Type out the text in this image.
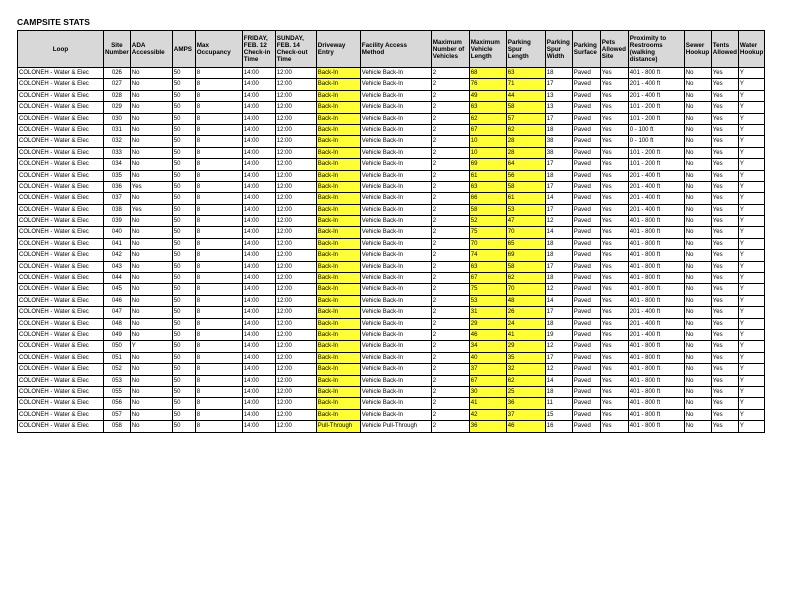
CAMPSITE STATS
Loop	Site Number	ADA Accessible	AMPS	Max Occupancy	FRIDAY, FEB. 12 Check-in Time	SUNDAY, FEB. 14 Check-out Time	Driveway Entry	Facility Access Method	Maximum Number of Vehicles	Maximum Vehicle Length	Parking Spur Length	Parking Spur Width	Parking Surface	Pets Allowed Site	Proximity to Restrooms (walking distance)	Sewer Hookup	Tents Allowed	Water Hookup
COLONEH - Water & Elec	026	No	50	8	14:00	12:00	Back-In	Vehicle Back-In	2	68	63	18	Paved	Yes	401 - 800 ft	No	Yes	Y
COLONEH - Water & Elec	027	No	50	8	14:00	12:00	Back-In	Vehicle Back-In	2	76	71	17	Paved	Yes	201 - 400 ft	No	Yes	Y
COLONEH - Water & Elec	028	No	50	8	14:00	12:00	Back-In	Vehicle Back-In	2	49	44	13	Paved	Yes	201 - 400 ft	No	Yes	Y
COLONEH - Water & Elec	029	No	50	8	14:00	12:00	Back-In	Vehicle Back-In	2	63	58	13	Paved	Yes	101 - 200 ft	No	Yes	Y
COLONEH - Water & Elec	030	No	50	8	14:00	12:00	Back-In	Vehicle Back-In	2	62	57	17	Paved	Yes	101 - 200 ft	No	Yes	Y
COLONEH - Water & Elec	031	No	50	8	14:00	12:00	Back-In	Vehicle Back-In	2	67	62	18	Paved	Yes	0 - 100 ft	No	Yes	Y
COLONEH - Water & Elec	032	No	50	8	14:00	12:00	Back-In	Vehicle Back-In	2	10	28	38	Paved	Yes	0 - 100 ft	No	Yes	Y
COLONEH - Water & Elec	033	No	50	8	14:00	12:00	Back-In	Vehicle Back-In	2	10	28	38	Paved	Yes	101 - 200 ft	No	Yes	Y
COLONEH - Water & Elec	034	No	50	8	14:00	12:00	Back-In	Vehicle Back-In	2	69	64	17	Paved	Yes	101 - 200 ft	No	Yes	Y
COLONEH - Water & Elec	035	No	50	8	14:00	12:00	Back-In	Vehicle Back-In	2	61	56	18	Paved	Yes	201 - 400 ft	No	Yes	Y
COLONEH - Water & Elec	036	Yes	50	8	14:00	12:00	Back-In	Vehicle Back-In	2	63	58	17	Paved	Yes	201 - 400 ft	No	Yes	Y
COLONEH - Water & Elec	037	No	50	8	14:00	12:00	Back-In	Vehicle Back-In	2	66	61	14	Paved	Yes	201 - 400 ft	No	Yes	Y
COLONEH - Water & Elec	038	Yes	50	8	14:00	12:00	Back-In	Vehicle Back-In	2	58	53	17	Paved	Yes	201 - 400 ft	No	Yes	Y
COLONEH - Water & Elec	039	No	50	8	14:00	12:00	Back-In	Vehicle Back-In	2	52	47	12	Paved	Yes	401 - 800 ft	No	Yes	Y
COLONEH - Water & Elec	040	No	50	8	14:00	12:00	Back-In	Vehicle Back-In	2	75	70	14	Paved	Yes	401 - 800 ft	No	Yes	Y
COLONEH - Water & Elec	041	No	50	8	14:00	12:00	Back-In	Vehicle Back-In	2	70	65	18	Paved	Yes	401 - 800 ft	No	Yes	Y
COLONEH - Water & Elec	042	No	50	8	14:00	12:00	Back-In	Vehicle Back-In	2	74	69	18	Paved	Yes	401 - 800 ft	No	Yes	Y
COLONEH - Water & Elec	043	No	50	8	14:00	12:00	Back-In	Vehicle Back-In	2	63	58	17	Paved	Yes	401 - 800 ft	No	Yes	Y
COLONEH - Water & Elec	044	No	50	8	14:00	12:00	Back-In	Vehicle Back-In	2	67	62	18	Paved	Yes	401 - 800 ft	No	Yes	Y
COLONEH - Water & Elec	045	No	50	8	14:00	12:00	Back-In	Vehicle Back-In	2	75	70	12	Paved	Yes	401 - 800 ft	No	Yes	Y
COLONEH - Water & Elec	046	No	50	8	14:00	12:00	Back-In	Vehicle Back-In	2	53	48	14	Paved	Yes	401 - 800 ft	No	Yes	Y
COLONEH - Water & Elec	047	No	50	8	14:00	12:00	Back-In	Vehicle Back-In	2	31	26	17	Paved	Yes	201 - 400 ft	No	Yes	Y
COLONEH - Water & Elec	048	No	50	8	14:00	12:00	Back-In	Vehicle Back-In	2	29	24	18	Paved	Yes	201 - 400 ft	No	Yes	Y
COLONEH - Water & Elec	049	No	50	8	14:00	12:00	Back-In	Vehicle Back-In	2	46	41	19	Paved	Yes	201 - 400 ft	No	Yes	Y
COLONEH - Water & Elec	050	Y	50	8	14:00	12:00	Back-In	Vehicle Back-In	2	34	29	12	Paved	Yes	401 - 800 ft	No	Yes	Y
COLONEH - Water & Elec	051	No	50	8	14:00	12:00	Back-In	Vehicle Back-In	2	40	35	17	Paved	Yes	401 - 800 ft	No	Yes	Y
COLONEH - Water & Elec	052	No	50	8	14:00	12:00	Back-In	Vehicle Back-In	2	37	32	12	Paved	Yes	401 - 800 ft	No	Yes	Y
COLONEH - Water & Elec	053	No	50	8	14:00	12:00	Back-In	Vehicle Back-In	2	67	62	14	Paved	Yes	401 - 800 ft	No	Yes	Y
COLONEH - Water & Elec	055	No	50	8	14:00	12:00	Back-In	Vehicle Back-In	2	30	25	18	Paved	Yes	401 - 800 ft	No	Yes	Y
COLONEH - Water & Elec	056	No	50	8	14:00	12:00	Back-In	Vehicle Back-In	2	41	36	11	Paved	Yes	401 - 800 ft	No	Yes	Y
COLONEH - Water & Elec	057	No	50	8	14:00	12:00	Back-In	Vehicle Back-In	2	42	37	15	Paved	Yes	401 - 800 ft	No	Yes	Y
COLONEH - Water & Elec	058	No	50	8	14:00	12:00	Pull-Through	Vehicle Pull-Through	2	36	46	16	Paved	Yes	401 - 800 ft	No	Yes	Y
